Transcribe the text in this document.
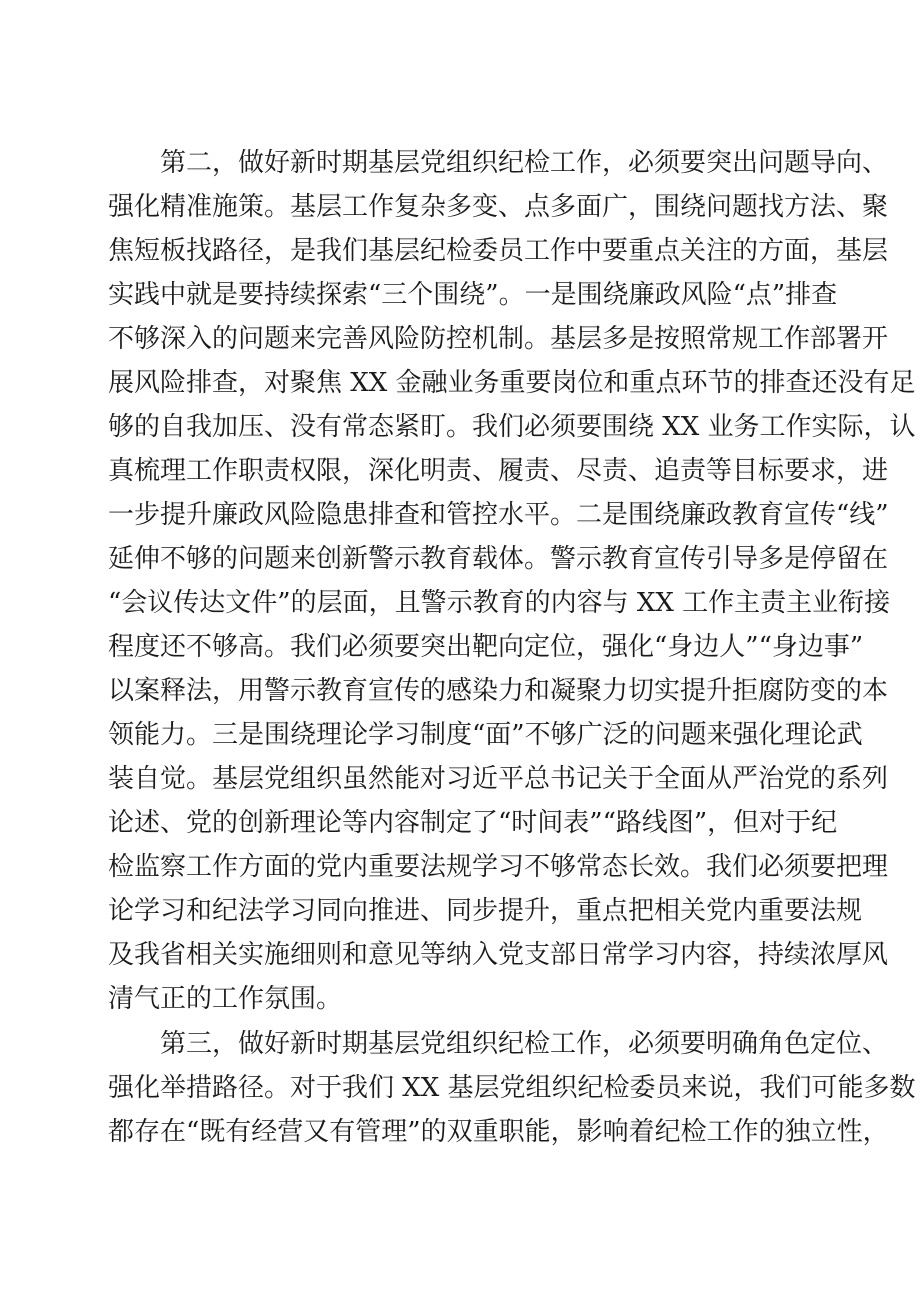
第二，做好新时期基层党组织纪检工作，必须要突出问题导向、
强化精准施策。基层工作复杂多变、点多面广，围绕问题找方法、聚
焦短板找路径，是我们基层纪检委员工作中要重点关注的方面，基层
实践中就是要持续探索“三个围绕”。一是围绕廉政风险“点”排查
不够深入的问题来完善风险防控机制。基层多是按照常规工作部署开
展风险排查，对聚焦 XX 金融业务重要岗位和重点环节的排查还没有足
够的自我加压、没有常态紧盯。我们必须要围绕 XX 业务工作实际，认
真梳理工作职责权限，深化明责、履责、尽责、追责等目标要求，进
一步提升廉政风险隐患排查和管控水平。二是围绕廉政教育宣传“线”
延伸不够的问题来创新警示教育载体。警示教育宣传引导多是停留在
“会议传达文件”的层面，且警示教育的内容与 XX 工作主责主业衔接
程度还不够高。我们必须要突出靶向定位，强化“身边人”“身边事”
以案释法，用警示教育宣传的感染力和凝聚力切实提升拒腐防变的本
领能力。三是围绕理论学习制度“面”不够广泛的问题来强化理论武
装自觉。基层党组织虽然能对习近平总书记关于全面从严治党的系列
论述、党的创新理论等内容制定了“时间表”“路线图”，但对于纪
检监察工作方面的党内重要法规学习不够常态长效。我们必须要把理
论学习和纪法学习同向推进、同步提升，重点把相关党内重要法规
及我省相关实施细则和意见等纳入党支部日常学习内容，持续浓厚风
清气正的工作氛围。
第三，做好新时期基层党组织纪检工作，必须要明确角色定位、
强化举措路径。对于我们 XX 基层党组织纪检委员来说，我们可能多数
都存在“既有经营又有管理”的双重职能，影响着纪检工作的独立性，
